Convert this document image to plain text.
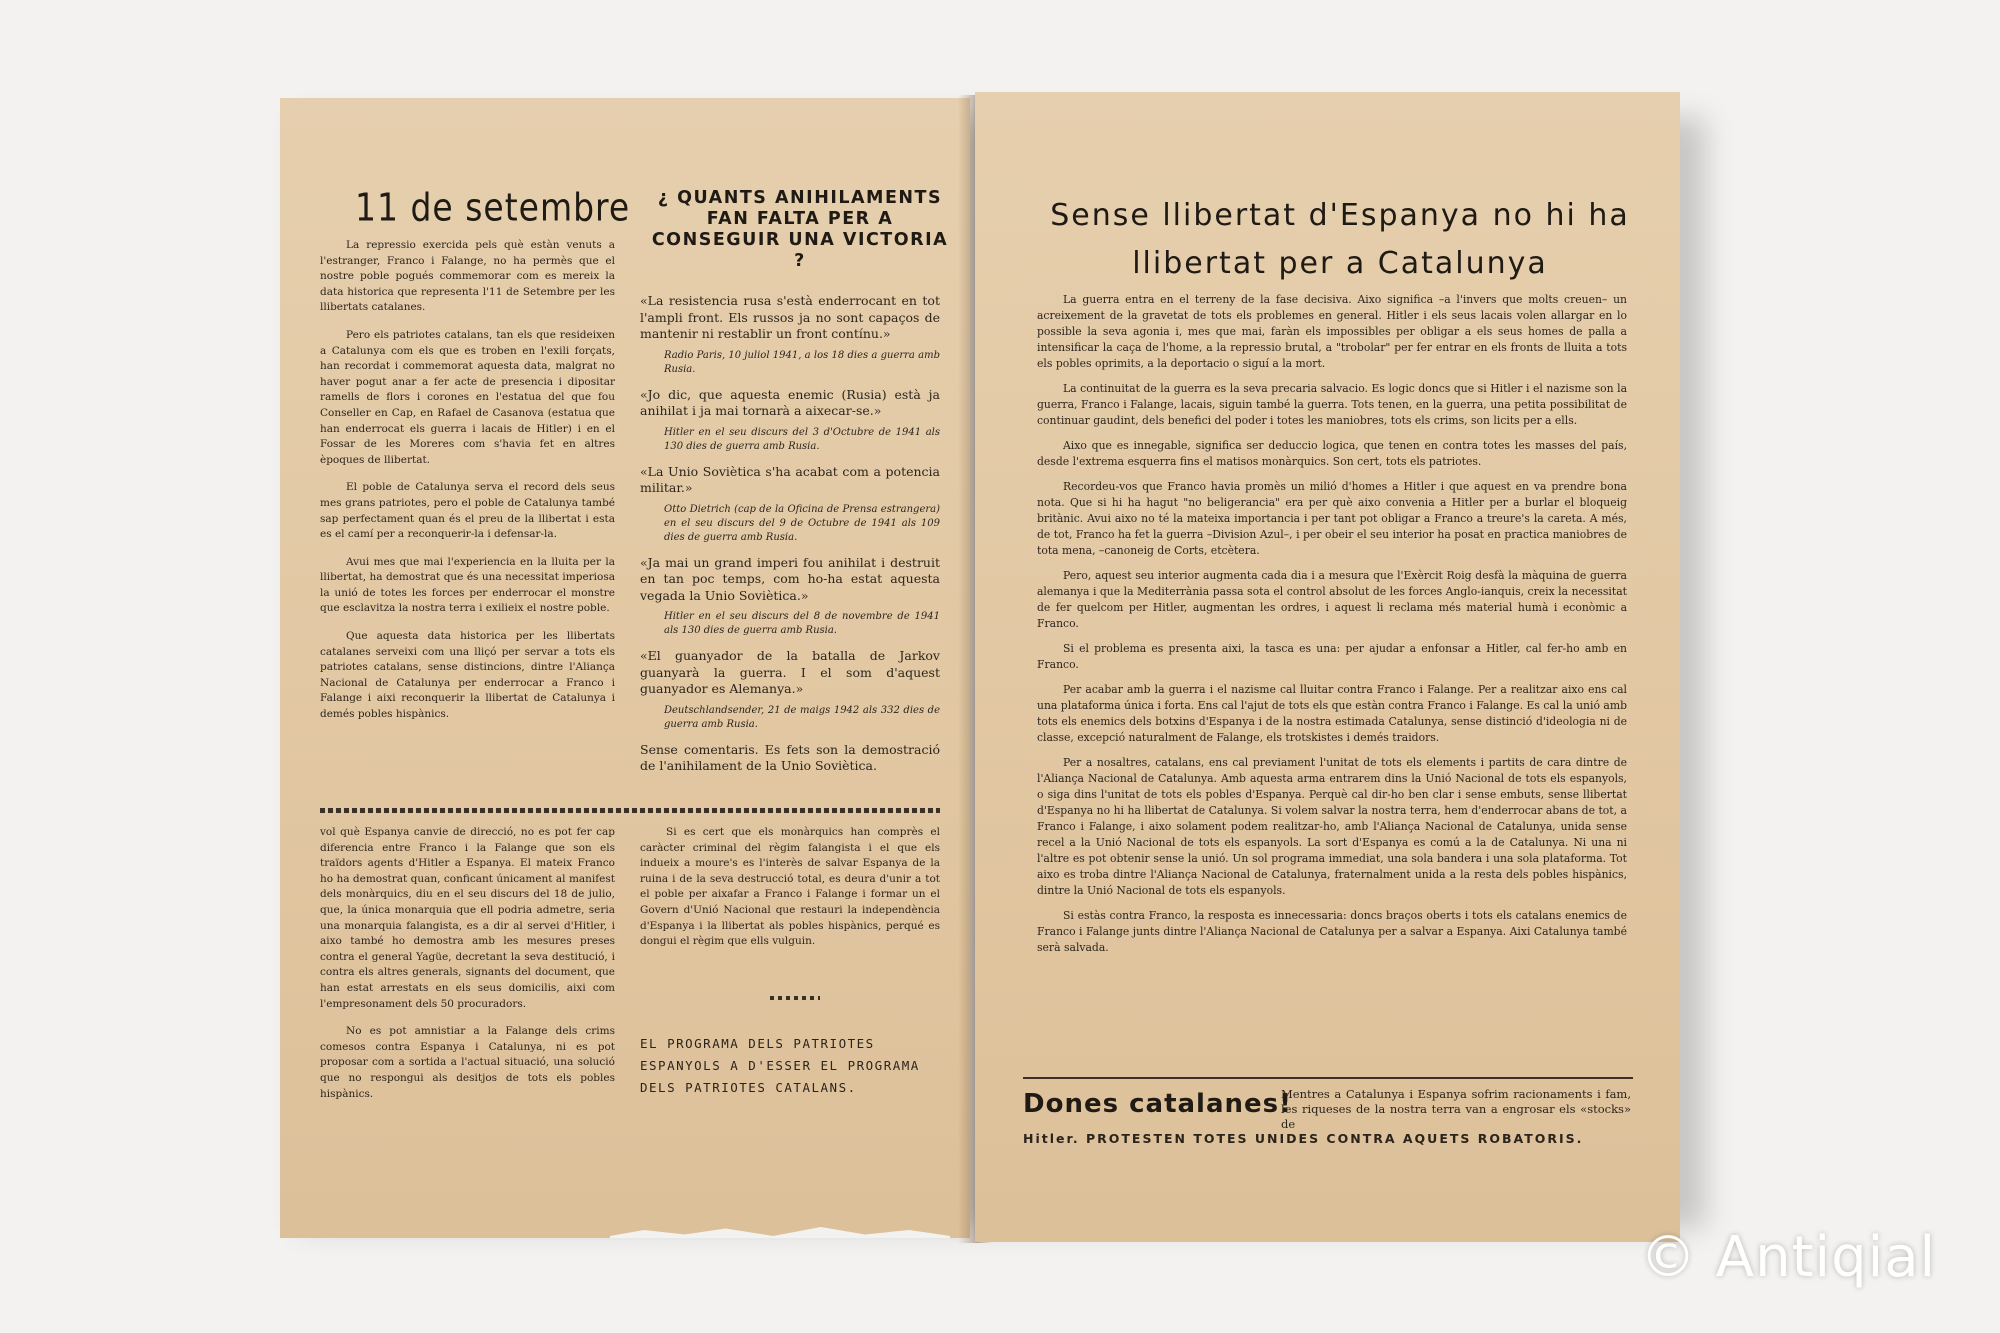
11 de setembre	¿ QUANTS ANIHILAMENTS FAN FALTA PER A CONSEGUIR UNA VICTORIA ?

La repressio exercida pels què estàn venuts a l'estranger, Franco i Falange, no ha permès que el nostre poble pogués commemorar com es mereix la data historica que representa l'11 de Setembre per les llibertats catalanes.

Pero els patriotes catalans, tan els que resideixen a Catalunya com els que es troben en l'exili forçats, han recordat i commemorat aquesta data, malgrat no haver pogut anar a fer acte de presencia i dipositar ramells de flors i corones en l'estatua del que fou Conseller en Cap, en Rafael de Casanova (estatua que han enderrocat els guerra i lacais de Hitler) i en el Fossar de les Moreres com s'havia fet en altres èpoques de llibertat.

El poble de Catalunya serva el record dels seus mes grans patriotes, pero el poble de Catalunya també sap perfectament quan és el preu de la llibertat i esta es el camí per a reconquerir-la i defensar-la.

Avui mes que mai l'experiencia en la lluita per la llibertat, ha demostrat que és una necessitat imperiosa la unió de totes les forces per enderrocar el monstre que esclavitza la nostra terra i exilieix el nostre poble.

Que aquesta data historica per les llibertats catalanes serveixi com una lliçó per servar a tots els patriotes catalans, sense distincions, dintre l'Aliança Nacional de Catalunya per enderrocar a Franco i Falange i aixi reconquerir la llibertat de Catalunya i demés pobles hispànics.

«La resistencia rusa s'està enderrocant en tot l'ampli front. Els russos ja no sont capaços de mantenir ni restablir un front contínu.»
Radio Paris, 10 juliol 1941, a los 18 dies a guerra amb Rusia.
«Jo dic, que aquesta enemic (Rusia) està ja anihilat i ja mai tornarà a aixecar-se.»
Hitler en el seu discurs del 3 d'Octubre de 1941 als 130 dies de guerra amb Rusia.
«La Unio Soviètica s'ha acabat com a potencia militar.»
Otto Dietrich (cap de la Oficina de Prensa estrangera) en el seu discurs del 9 de Octubre de 1941 als 109 dies de guerra amb Rusia.
«Ja mai un grand imperi fou anihilat i destruit en tan poc temps, com ho-ha estat aquesta vegada la Unio Soviètica.»
Hitler en el seu discurs del 8 de novembre de 1941 als 130 dies de guerra amb Rusia.
«El guanyador de la batalla de Jarkov guanyarà la guerra. I el som d'aquest guanyador es Alemanya.»
Deutschlandsender, 21 de maigs 1942 als 332 dies de guerra amb Rusia.
Sense comentaris. Es fets son la demostració de l'anihilament de la Unio Soviètica.

vol què Espanya canvie de direcció, no es pot fer cap diferencia entre Franco i la Falange que son els traïdors agents d'Hitler a Espanya. El mateix Franco ho ha demostrat quan, conficant únicament al manifest dels monàrquics, diu en el seu discurs del 18 de julio, que, la única monarquia que ell podria admetre, seria una monarquia falangista, es a dir al servei d'Hitler, i aixo també ho demostra amb les mesures preses contra el general Yagüe, decretant la seva destitució, i contra els altres generals, signants del document, que han estat arrestats en els seus domicilis, aixi com l'empresonament dels 50 procuradors.

No es pot amnistiar a la Falange dels crims comesos contra Espanya i Catalunya, ni es pot proposar com a sortida a l'actual situació, una solució que no respongui als desitjos de tots els pobles hispànics.

Si es cert que els monàrquics han comprès el caràcter criminal del règim falangista i el que els indueix a moure's es l'interès de salvar Espanya de la ruina i de la seva destrucció total, es deura d'unir a tot el poble per aixafar a Franco i Falange i formar un el Govern d'Unió Nacional que restauri la independència d'Espanya i la llibertat als pobles hispànics, perqué es dongui el règim que ells vulguin.

EL PROGRAMA DELS PATRIOTES ESPANYOLS A D'ESSER EL PROGRAMA DELS PATRIOTES CATALANS.
Sense llibertat d'Espanya no hi ha llibertat per a Catalunya

La guerra entra en el terreny de la fase decisiva. Aixo significa –a l'invers que molts creuen– un acreixement de la gravetat de tots els problemes en general. Hitler i els seus lacais volen allargar en lo possible la seva agonia i, mes que mai, faràn els impossibles per obligar a els seus homes de palla a intensificar la caça de l'home, a la repressio brutal, a "trobolar" per fer entrar en els fronts de lluita a tots els pobles oprimits, a la deportacio o siguí a la mort.

La continuitat de la guerra es la seva precaria salvacio. Es logic doncs que si Hitler i el nazisme son la guerra, Franco i Falange, lacais, siguin també la guerra. Tots tenen, en la guerra, una petita possibilitat de continuar gaudint, dels benefici del poder i totes les maniobres, tots els crims, son licits per a ells.

Aixo que es innegable, significa ser deduccio logica, que tenen en contra totes les masses del país, desde l'extrema esquerra fins el matisos monàrquics. Son cert, tots els patriotes.

Recordeu-vos que Franco havia promès un milió d'homes a Hitler i que aquest en va prendre bona nota. Que si hi ha hagut "no beligerancia" era per què aixo convenia a Hitler per a burlar el bloqueig britànic. Avui aixo no té la mateixa importancia i per tant pot obligar a Franco a treure's la careta. A més, de tot, Franco ha fet la guerra –Division Azul–, i per obeir el seu interior ha posat en practica maniobres de tota mena, –canoneig de Corts, etcètera.

Pero, aquest seu interior augmenta cada dia i a mesura que l'Exèrcit Roig desfà la màquina de guerra alemanya i que la Mediterrània passa sota el control absolut de les forces Anglo-ianquis, creix la necessitat de fer quelcom per Hitler, augmentan les ordres, i aquest li reclama més material humà i econòmic a Franco.

Si el problema es presenta aixi, la tasca es una: per ajudar a enfonsar a Hitler, cal fer-ho amb en Franco.

Per acabar amb la guerra i el nazisme cal lluitar contra Franco i Falange. Per a realitzar aixo ens cal una plataforma única i forta. Ens cal l'ajut de tots els que estàn contra Franco i Falange. Es cal la unió amb tots els enemics dels botxins d'Espanya i de la nostra estimada Catalunya, sense distinció d'ideologia ni de classe, excepció naturalment de Falange, els trotskistes i demés traidors.

Per a nosaltres, catalans, ens cal previament l'unitat de tots els elements i partits de cara dintre de l'Aliança Nacional de Catalunya. Amb aquesta arma entrarem dins la Unió Nacional de tots els espanyols, o siga dins l'unitat de tots els pobles d'Espanya. Perquè cal dir-ho ben clar i sense embuts, sense llibertat d'Espanya no hi ha llibertat de Catalunya. Si volem salvar la nostra terra, hem d'enderrocar abans de tot, a Franco i Falange, i aixo solament podem realitzar-ho, amb l'Aliança Nacional de Catalunya, unida sense recel a la Unió Nacional de tots els espanyols. La sort d'Espanya es comú a la de Catalunya. Ni una ni l'altre es pot obtenir sense la unió. Un sol programa immediat, una sola bandera i una sola plataforma. Tot aixo es troba dintre l'Aliança Nacional de Catalunya, fraternalment unida a la resta dels pobles hispànics, dintre la Unió Nacional de tots els espanyols.

Si estàs contra Franco, la resposta es innecessaria: doncs braços oberts i tots els catalans enemics de Franco i Falange junts dintre l'Aliança Nacional de Catalunya per a salvar a Espanya. Aixi Catalunya també serà salvada.

Dones catalanes!
Mentres a Catalunya i Espanya sofrim racionaments i fam, les riqueses de la nostra terra van a engrosar els «stocks» de
Hitler. PROTESTEN TOTES UNIDES CONTRA AQUETS ROBATORIS.
© Antiqial
